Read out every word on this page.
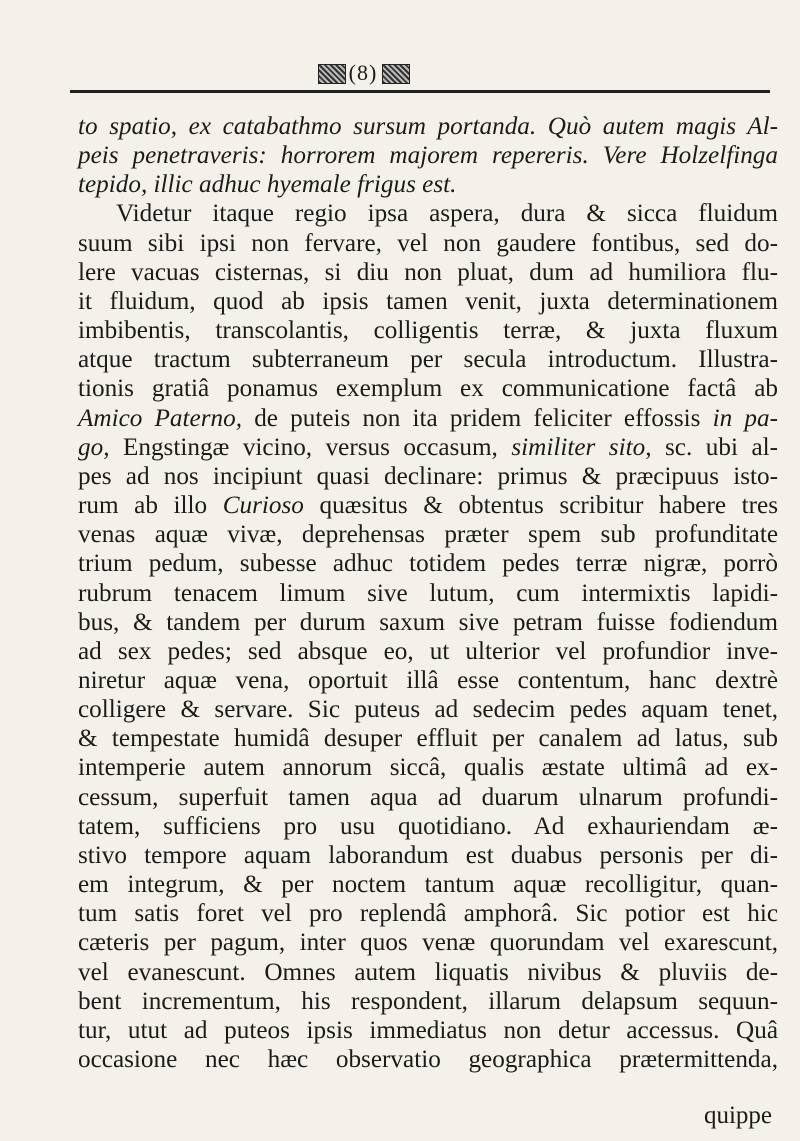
(8)
to spatio, ex catabathmo sursum portanda. Quò autem magis Al-
peis penetraveris: horrorem majorem repereris. Vere Holzelfinga
tepido, illic adhuc hyemale frigus est.
Videtur itaque regio ipsa aspera, dura & sicca fluidum
suum sibi ipsi non fervare, vel non gaudere fontibus, sed do-
lere vacuas cisternas, si diu non pluat, dum ad humiliora flu-
it fluidum, quod ab ipsis tamen venit, juxta determinationem
imbibentis, transcolantis, colligentis terræ, & juxta fluxum
atque tractum subterraneum per secula introductum. Illustra-
tionis gratiâ ponamus exemplum ex communicatione factâ ab
Amico Paterno, de puteis non ita pridem feliciter effossis in pa-
go, Engstingæ vicino, versus occasum, similiter sito, sc. ubi al-
pes ad nos incipiunt quasi declinare: primus & præcipuus isto-
rum ab illo Curioso quæsitus & obtentus scribitur habere tres
venas aquæ vivæ, deprehensas præter spem sub profunditate
trium pedum, subesse adhuc totidem pedes terræ nigræ, porrò
rubrum tenacem limum sive lutum, cum intermixtis lapidi-
bus, & tandem per durum saxum sive petram fuisse fodiendum
ad sex pedes; sed absque eo, ut ulterior vel profundior inve-
niretur aquæ vena, oportuit illâ esse contentum, hanc dextrè
colligere & servare. Sic puteus ad sedecim pedes aquam tenet,
& tempestate humidâ desuper effluit per canalem ad latus, sub
intemperie autem annorum siccâ, qualis æstate ultimâ ad ex-
cessum, superfuit tamen aqua ad duarum ulnarum profundi-
tatem, sufficiens pro usu quotidiano. Ad exhauriendam æ-
stivo tempore aquam laborandum est duabus personis per di-
em integrum, & per noctem tantum aquæ recolligitur, quan-
tum satis foret vel pro replendâ amphorâ. Sic potior est hic
cæteris per pagum, inter quos venæ quorundam vel exarescunt,
vel evanescunt. Omnes autem liquatis nivibus & pluviis de-
bent incrementum, his respondent, illarum delapsum sequun-
tur, utut ad puteos ipsis immediatus non detur accessus. Quâ
occasione nec hæc observatio geographica prætermittenda,
quippe
